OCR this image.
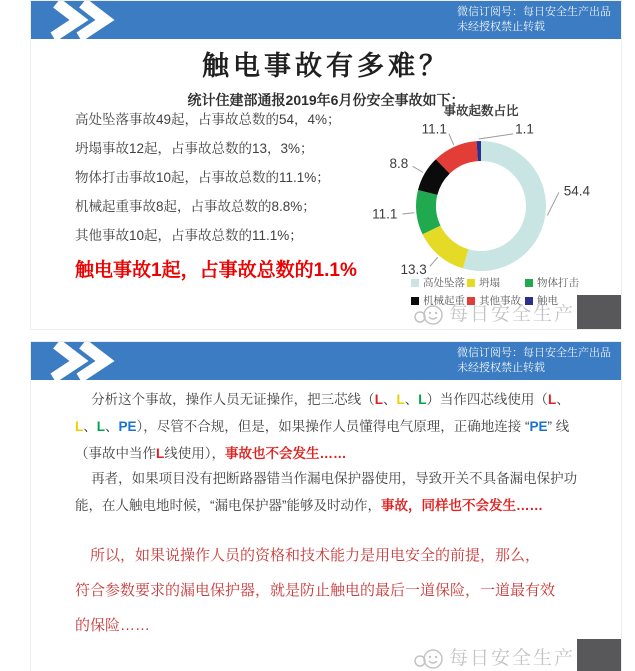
微信订阅号：每日安全生产出品
未经授权禁止转载
触电事故有多难？
统计住建部通报2019年6月份安全事故如下：
高处坠落事故49起，占事故总数的54，4%；
坍塌事故12起，占事故总数的13，3%；
物体打击事故10起，占事故总数的11.1%；
机械起重事故8起，占事故总数的8.8%；
其他事故10起，占事故总数的11.1%；
触电事故1起，占事故总数的1.1%
事故起数占比
54.4
13.3
11.1
8.8
11.1	1.1
高处坠落 坍塌	物体打击
机械起重 其他事故 触电
每日安全生产
微信订阅号：每日安全生产出品
未经授权禁止转载
分析这个事故，操作人员无证操作，把三芯线（L、L、L）当作四芯线使用（L、L、L、PE），尽管不合规，但是，如果操作人员懂得电气原理，正确地连接 “PE” 线（事故中当作L线使用），事故也不会发生……
再者，如果项目没有把断路器错当作漏电保护器使用，导致开关不具备漏电保护功能，在人触电地时候，“漏电保护器”能够及时动作，事故，同样也不会发生……
所以，如果说操作人员的资格和技术能力是用电安全的前提，那么，
符合参数要求的漏电保护器，就是防止触电的最后一道保险，一道最有效
的保险……
每日安全生产
